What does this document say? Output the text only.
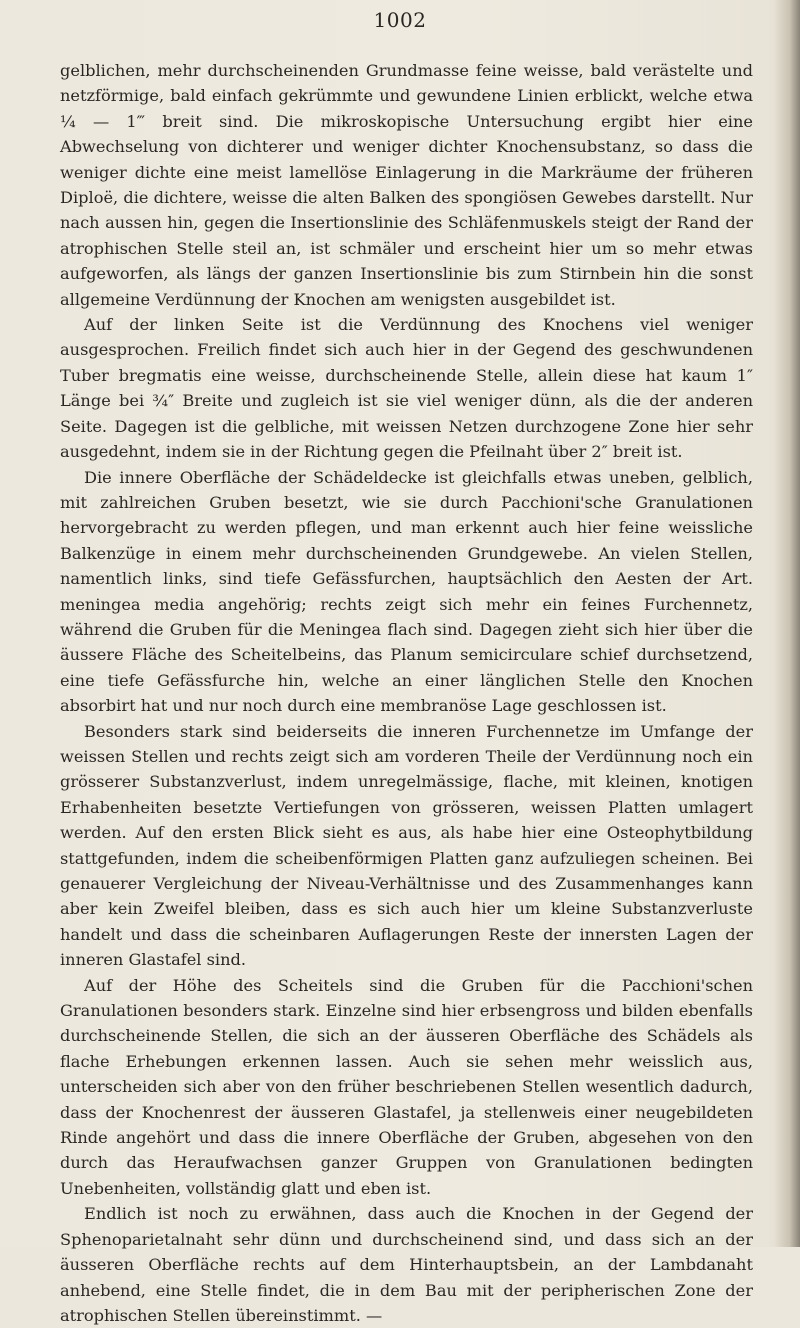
1002

gelblichen, mehr durchscheinenden Grundmasse feine weisse, bald verästelte und netzförmige, bald einfach gekrümmte und gewundene Linien erblickt, welche etwa ¼ — 1‴ breit sind. Die mikroskopische Untersuchung ergibt hier eine Abwechselung von dichterer und weniger dichter Knochensubstanz, so dass die weniger dichte eine meist lamellöse Einlagerung in die Markräume der früheren Diploë, die dichtere, weisse die alten Balken des spongiösen Gewebes darstellt. Nur nach aussen hin, gegen die Insertionslinie des Schläfenmuskels steigt der Rand der atrophischen Stelle steil an, ist schmäler und erscheint hier um so mehr etwas aufgeworfen, als längs der ganzen Insertionslinie bis zum Stirnbein hin die sonst allgemeine Verdünnung der Knochen am wenigsten ausgebildet ist.

Auf der linken Seite ist die Verdünnung des Knochens viel weniger ausgesprochen. Freilich findet sich auch hier in der Gegend des geschwundenen Tuber bregmatis eine weisse, durchscheinende Stelle, allein diese hat kaum 1″ Länge bei ¾″ Breite und zugleich ist sie viel weniger dünn, als die der anderen Seite. Dagegen ist die gelbliche, mit weissen Netzen durchzogene Zone hier sehr ausgedehnt, indem sie in der Richtung gegen die Pfeilnaht über 2″ breit ist.

Die innere Oberfläche der Schädeldecke ist gleichfalls etwas uneben, gelblich, mit zahlreichen Gruben besetzt, wie sie durch Pacchioni'sche Granulationen hervorgebracht zu werden pflegen, und man erkennt auch hier feine weissliche Balkenzüge in einem mehr durchscheinenden Grundgewebe. An vielen Stellen, namentlich links, sind tiefe Gefässfurchen, hauptsächlich den Aesten der Art. meningea media angehörig; rechts zeigt sich mehr ein feines Furchennetz, während die Gruben für die Meningea flach sind. Dagegen zieht sich hier über die äussere Fläche des Scheitelbeins, das Planum semicirculare schief durchsetzend, eine tiefe Gefässfurche hin, welche an einer länglichen Stelle den Knochen absorbirt hat und nur noch durch eine membranöse Lage geschlossen ist.

Besonders stark sind beiderseits die inneren Furchennetze im Umfange der weissen Stellen und rechts zeigt sich am vorderen Theile der Verdünnung noch ein grösserer Substanzverlust, indem unregelmässige, flache, mit kleinen, knotigen Erhabenheiten besetzte Vertiefungen von grösseren, weissen Platten umlagert werden. Auf den ersten Blick sieht es aus, als habe hier eine Osteophytbildung stattgefunden, indem die scheibenförmigen Platten ganz aufzuliegen scheinen. Bei genauerer Vergleichung der Niveau-Verhältnisse und des Zusammenhanges kann aber kein Zweifel bleiben, dass es sich auch hier um kleine Substanzverluste handelt und dass die scheinbaren Auflagerungen Reste der innersten Lagen der inneren Glastafel sind.

Auf der Höhe des Scheitels sind die Gruben für die Pacchioni'schen Granulationen besonders stark. Einzelne sind hier erbsengross und bilden ebenfalls durchscheinende Stellen, die sich an der äusseren Oberfläche des Schädels als flache Erhebungen erkennen lassen. Auch sie sehen mehr weisslich aus, unterscheiden sich aber von den früher beschriebenen Stellen wesentlich dadurch, dass der Knochenrest der äusseren Glastafel, ja stellenweis einer neugebildeten Rinde angehört und dass die innere Oberfläche der Gruben, abgesehen von den durch das Heraufwachsen ganzer Gruppen von Granulationen bedingten Unebenheiten, vollständig glatt und eben ist.

Endlich ist noch zu erwähnen, dass auch die Knochen in der Gegend der Sphenoparietalnaht sehr dünn und durchscheinend sind, und dass sich an der äusseren Oberfläche rechts auf dem Hinterhauptsbein, an der Lambdanaht anhebend, eine Stelle findet, die in dem Bau mit der peripherischen Zone der atrophischen Stellen übereinstimmt. —
